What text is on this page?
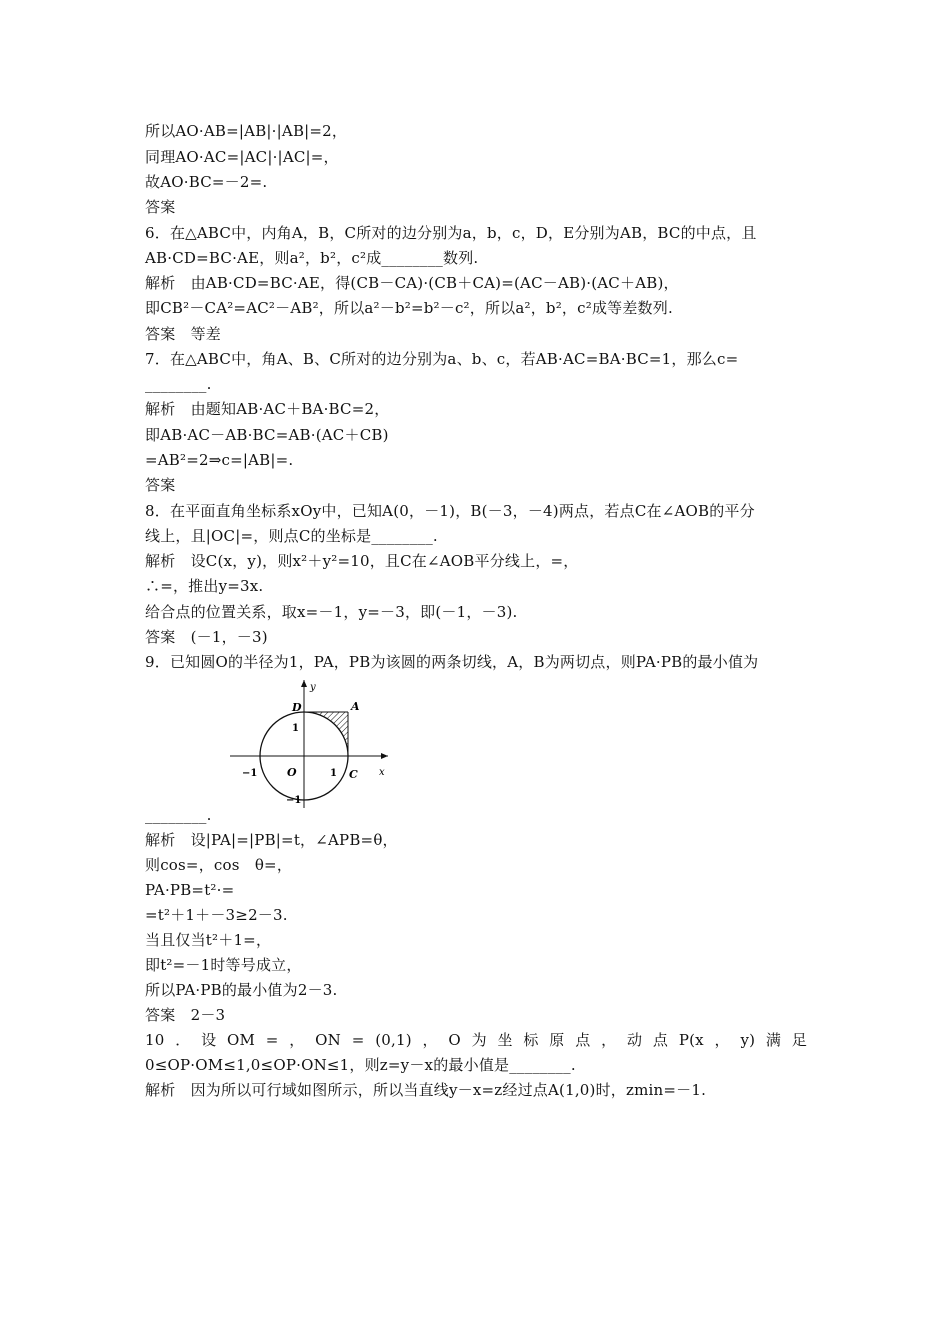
所以AO·AB=|AB|·|AB|=2，
同理AO·AC=|AC|·|AC|=，
故AO·BC=－2=.
答案
6．在△ABC中，内角A，B，C所对的边分别为a，b，c，D，E分别为AB，BC的中点，且
AB·CD=BC·AE，则a²，b²，c²成________数列.
解析　由AB·CD=BC·AE，得(CB－CA)·(CB＋CA)=(AC－AB)·(AC＋AB)，
即CB²－CA²=AC²－AB²，所以a²－b²=b²－c²，所以a²，b²，c²成等差数列.
答案　等差
7．在△ABC中，角A、B、C所对的边分别为a、b、c，若AB·AC=BA·BC=1，那么c=
________.
解析　由题知AB·AC＋BA·BC=2，
即AB·AC－AB·BC=AB·(AC＋CB)
=AB²=2⇒c=|AB|=.
答案
8．在平面直角坐标系xOy中，已知A(0，－1)，B(－3，－4)两点，若点C在∠AOB的平分
线上，且|OC|=，则点C的坐标是________.
解析　设C(x，y)，则x²＋y²=10，且C在∠AOB平分线上，=，
∴=，推出y=3x.
给合点的位置关系，取x=－1，y=－3，即(－1，－3).
答案　(－1，－3)
9．已知圆O的半径为1，PA，PB为该圆的两条切线，A，B为两切点，则PA·PB的最小值为
y
x
D	A
C
O
1
−1	1
−1
________.
解析　设|PA|=|PB|=t，∠APB=θ，
则cos=，cos　θ=，
PA·PB=t²·=
=t²＋1＋－3≥2－3.
当且仅当t²＋1=，
即t²=－1时等号成立，
所以PA·PB的最小值为2－3.
答案　2－3
10 ． 设 OM = ， ON = (0,1) ， O 为 坐 标 原 点 ， 动 点 P(x ， y) 满 足
0≤OP·OM≤1,0≤OP·ON≤1，则z=y－x的最小值是________.
解析　因为所以可行域如图所示，所以当直线y－x=z经过点A(1,0)时，zmin=－1.
